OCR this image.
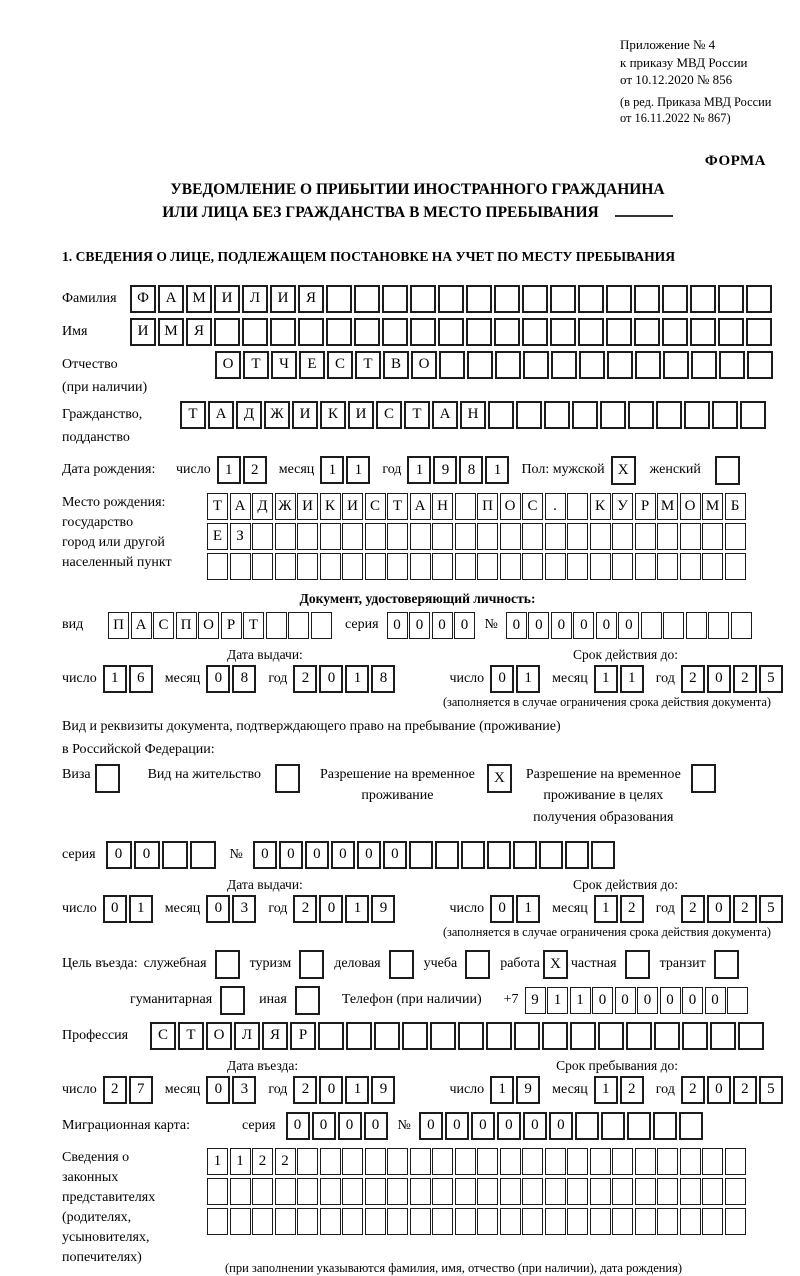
Приложение № 4
к приказу МВД России
от 10.12.2020 № 856
(в ред. Приказа МВД России
от 16.11.2022 № 867)
ФОРМА
УВЕДОМЛЕНИЕ О ПРИБЫТИИ ИНОСТРАННОГО ГРАЖДАНИНА
ИЛИ ЛИЦА БЕЗ ГРАЖДАНСТВА В МЕСТО ПРЕБЫВАНИЯ
1. СВЕДЕНИЯ О ЛИЦЕ, ПОДЛЕЖАЩЕМ ПОСТАНОВКЕ НА УЧЕТ ПО МЕСТУ ПРЕБЫВАНИЯ
Фамилия	Ф	А	М	И	Л	И	Я
Имя	И	М	Я
Отчество	О	Т	Ч	Е	С	Т	В	О
(при наличии)
Гражданство,	Т	А	Д	Ж	И	К	И	С	Т	А	Н
подданство
Дата рождения:	число 1	2	месяц 1	1	год 1	9	8	1	Пол: мужской X	женский
Место рождения:
государство
город или другой
населенный пункт
Т А Д Ж И К И С Т А Н	П О С	.	К У Р М О М Б
Е З
Документ, удостоверяющий личность:
вид	П А С П О Р Т	серия 0	0	0	0	№ 0	0	0	0	0	0
Дата выдачи:	Срок действия до:
число 1	6	месяц 0	8	год 2	0	1	8	число 0	1	месяц 1	1	год 2	0	2	5
(заполняется в случае ограничения срока действия документа)
Вид и реквизиты документа, подтверждающего право на пребывание (проживание)
в Российской Федерации:
Виза	Вид на жительство	Разрешение на временное
проживание
X	Разрешение на временное
проживание в целях
получения образования
серия	0	0	№	0	0	0	0	0	0
Дата выдачи:	Срок действия до:
число 0	1	месяц 0	3	год 2	0	1	9	число 0	1	месяц 1	2	год 2	0	2	5
(заполняется в случае ограничения срока действия документа)
Цель въезда: служебная	туризм	деловая	учеба	работа X частная	транзит
гуманитарная	иная	Телефон (при наличии) +7 9	1	1	0	0	0	0	0	0
Профессия	С	Т	О	Л	Я	Р
Дата въезда:	Срок пребывания до:
число 2	7	месяц 0	3	год 2	0	1	9	число 1	9	месяц 1	2	год 2	0	2	5
Миграционная карта:	серия	0	0	0	0	№	0	0	0	0	0	0
Сведения о
законных
представителях
(родителях,
усыновителях,
попечителях)
1	1	2	2
(при заполнении указываются фамилия, имя, отчество (при наличии), дата рождения)
